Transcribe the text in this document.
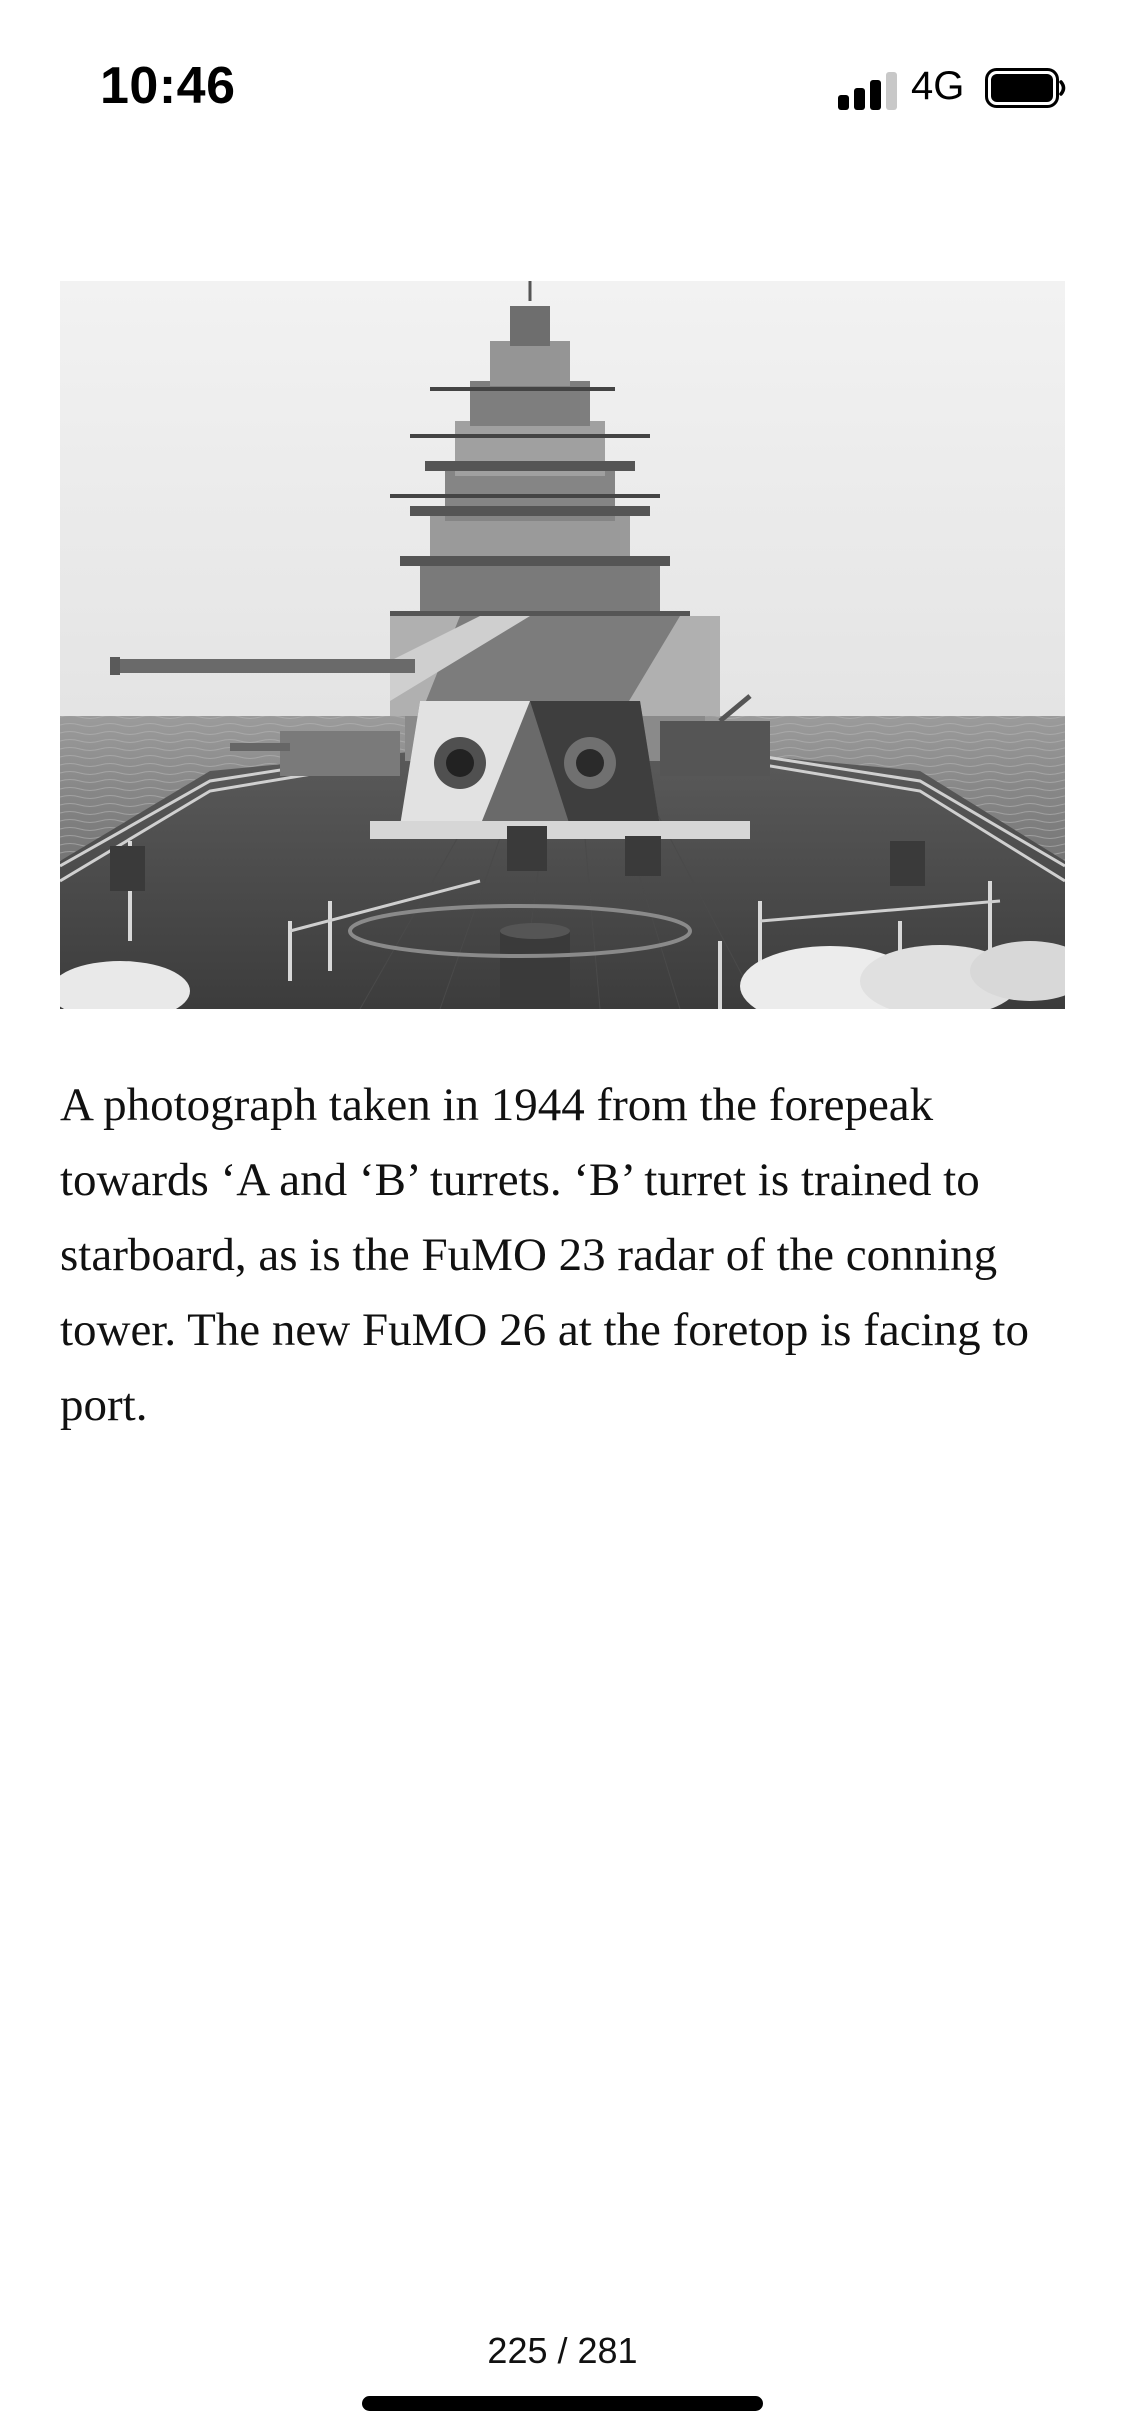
10:46	4G
A photograph taken in 1944 from the forepeak towards ‘A and ‘B’ turrets. ‘B’ turret is trained to starboard, as is the FuMO 23 radar of the conning tower. The new FuMO 26 at the foretop is facing to port.
225 / 281
